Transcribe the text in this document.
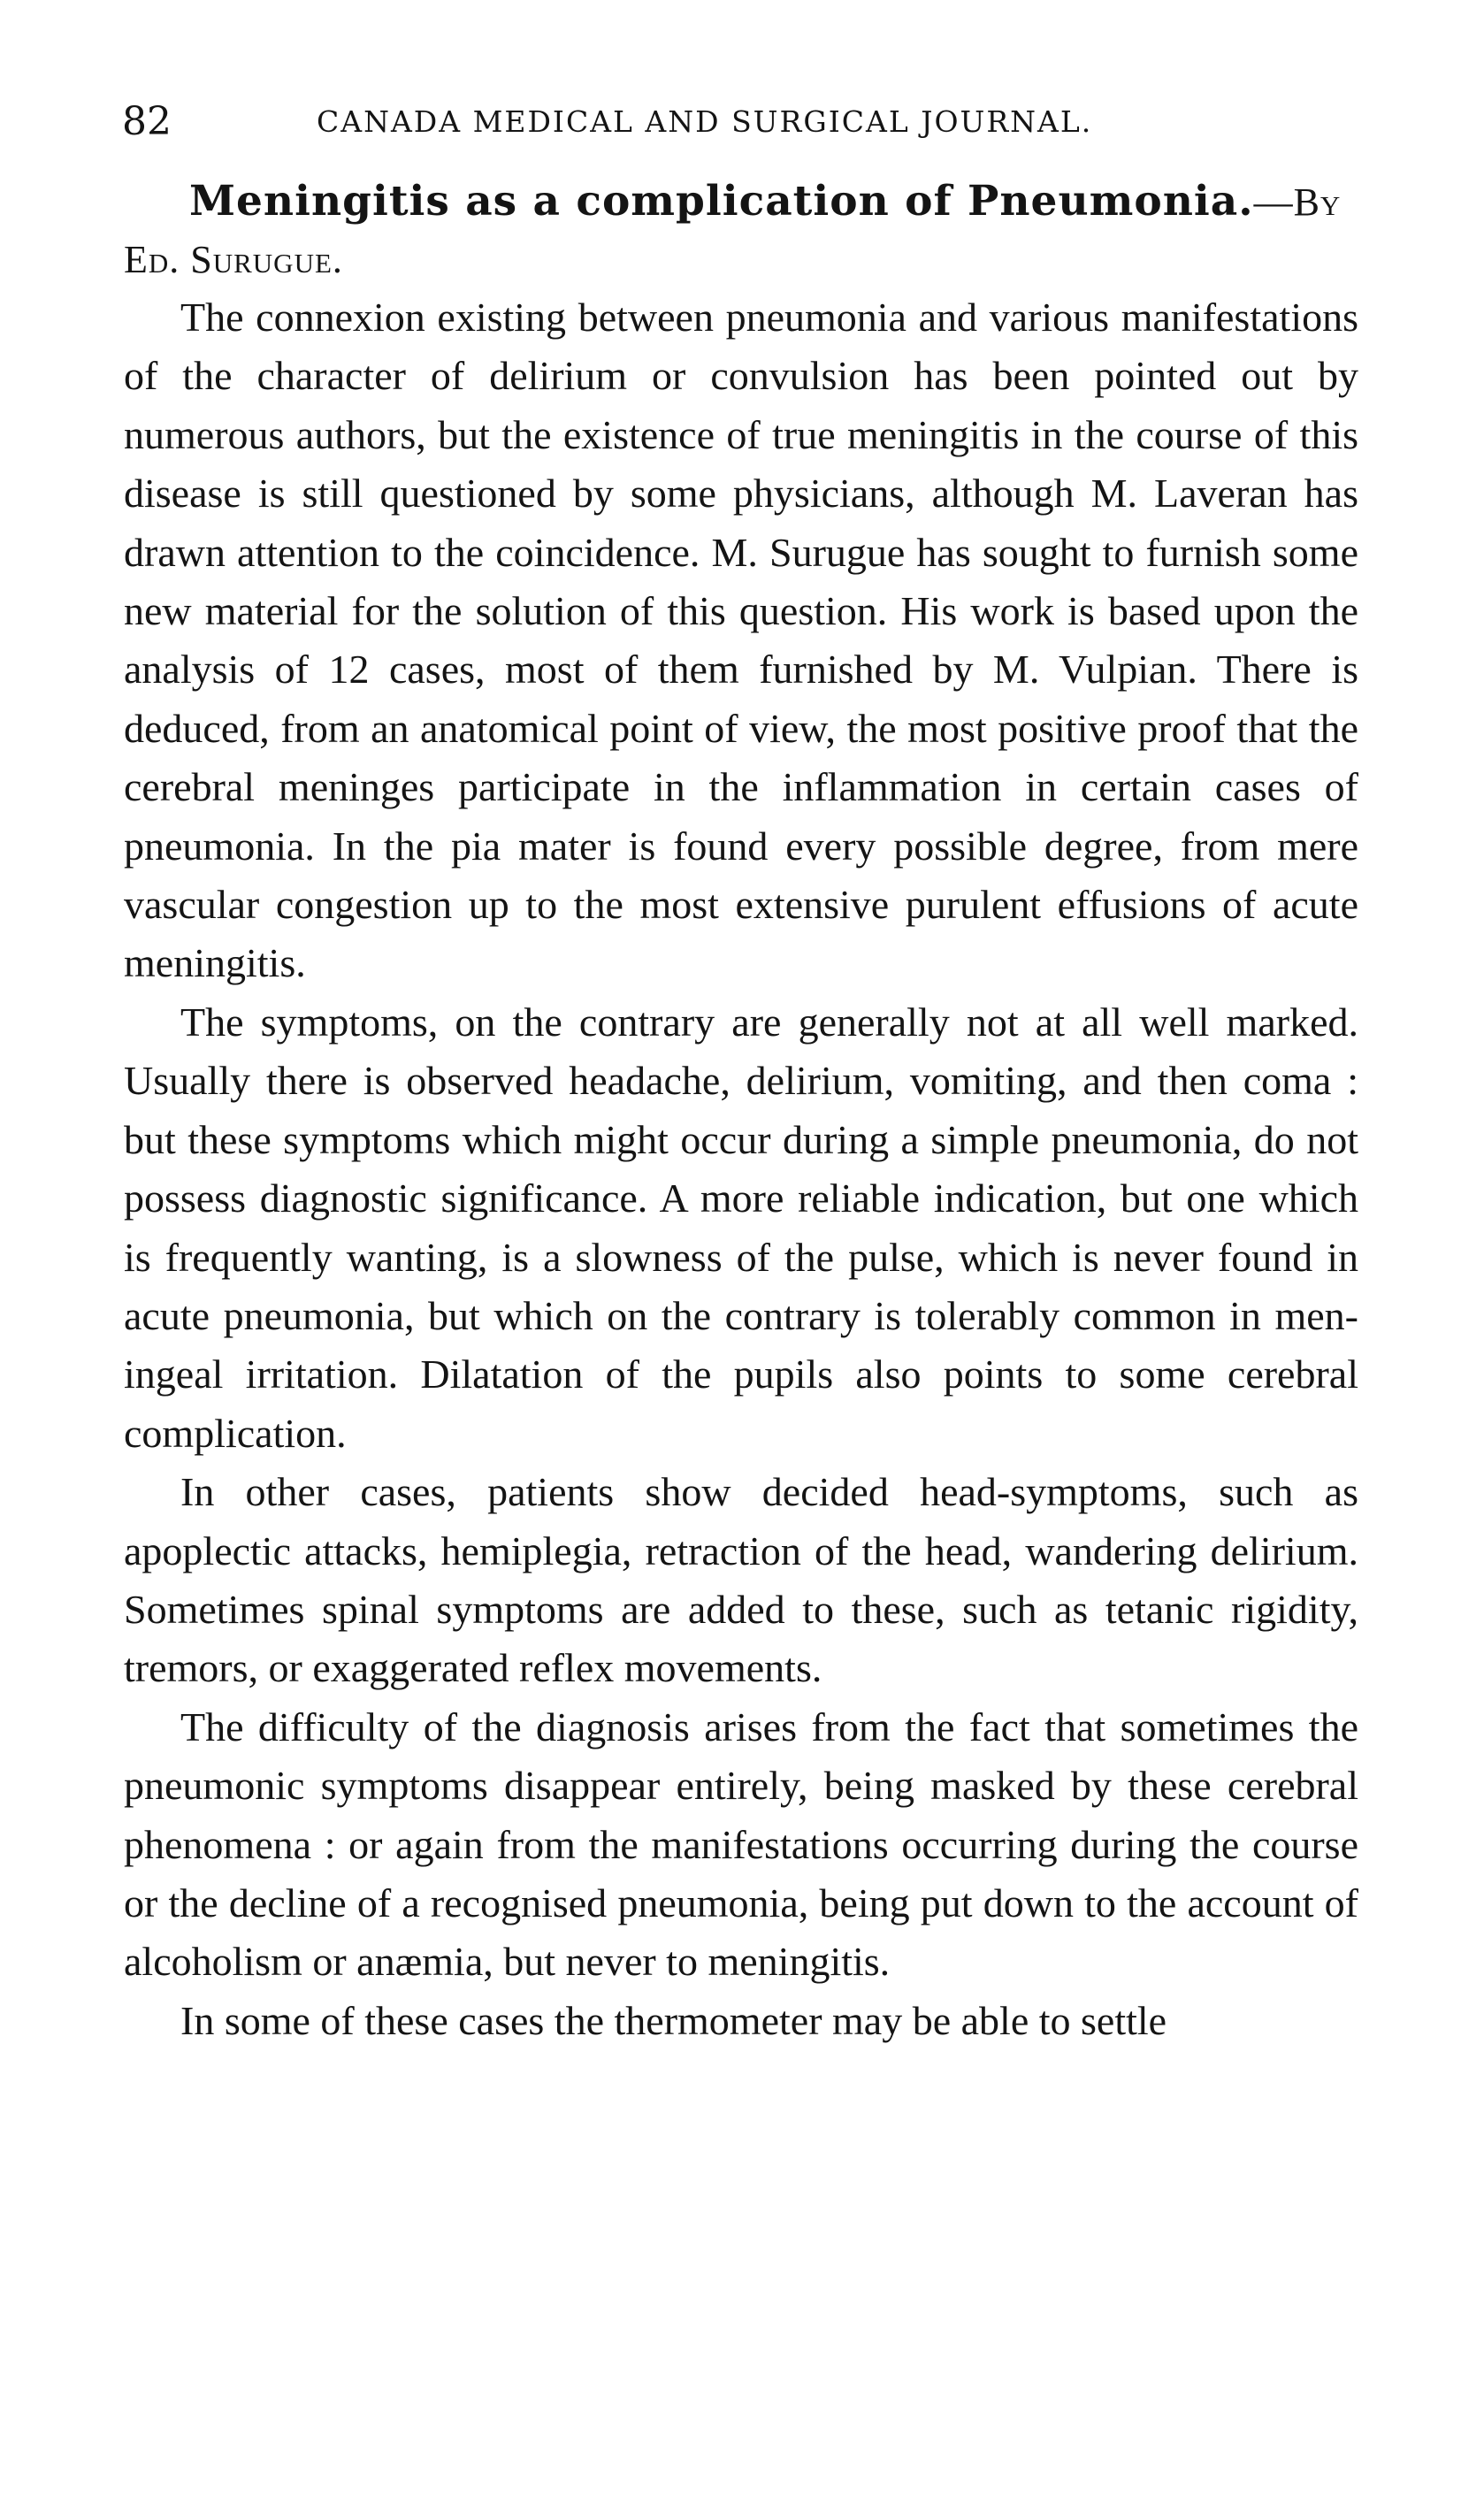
82	CANADA MEDICAL AND SURGICAL JOURNAL.
Meningitis as a complication of Pneumonia.—By Ed. Surugue.

The connexion existing between pneumonia and various manifestations of the character of delirium or convulsion has been pointed out by numerous authors, but the existence of true meningitis in the course of this disease is still questioned by some physicians, although M. Laveran has drawn attention to the coincidence. M. Surugue has sought to furnish some new material for the solution of this question. His work is based upon the analysis of 12 cases, most of them furnished by M. Vulpian. There is deduced, from an anatomical point of view, the most positive proof that the cerebral meninges participate in the inflammation in certain cases of pneumonia. In the pia mater is found every possible degree, from mere vascular congestion up to the most extensive purulent effusions of acute meningitis.

The symptoms, on the contrary are generally not at all well marked. Usually there is observed headache, delirium, vomiting, and then coma : but these symptoms which might occur during a simple pneumonia, do not possess diagnostic significance. A more reliable indication, but one which is frequently wanting, is a slowness of the pulse, which is never found in acute pneumonia, but which on the contrary is tolerably common in meningeal irritation. Dilatation of the pupils also points to some cerebral complication.

In other cases, patients show decided head-symptoms, such as apoplectic attacks, hemiplegia, retraction of the head, wandering delirium. Sometimes spinal symptoms are added to these, such as tetanic rigidity, tremors, or exaggerated reflex movements.

The difficulty of the diagnosis arises from the fact that sometimes the pneumonic symptoms disappear entirely, being masked by these cerebral phenomena : or again from the manifestations occurring during the course or the decline of a recognised pneumonia, being put down to the account of alcoholism or anæmia, but never to meningitis.

In some of these cases the thermometer may be able to settle
